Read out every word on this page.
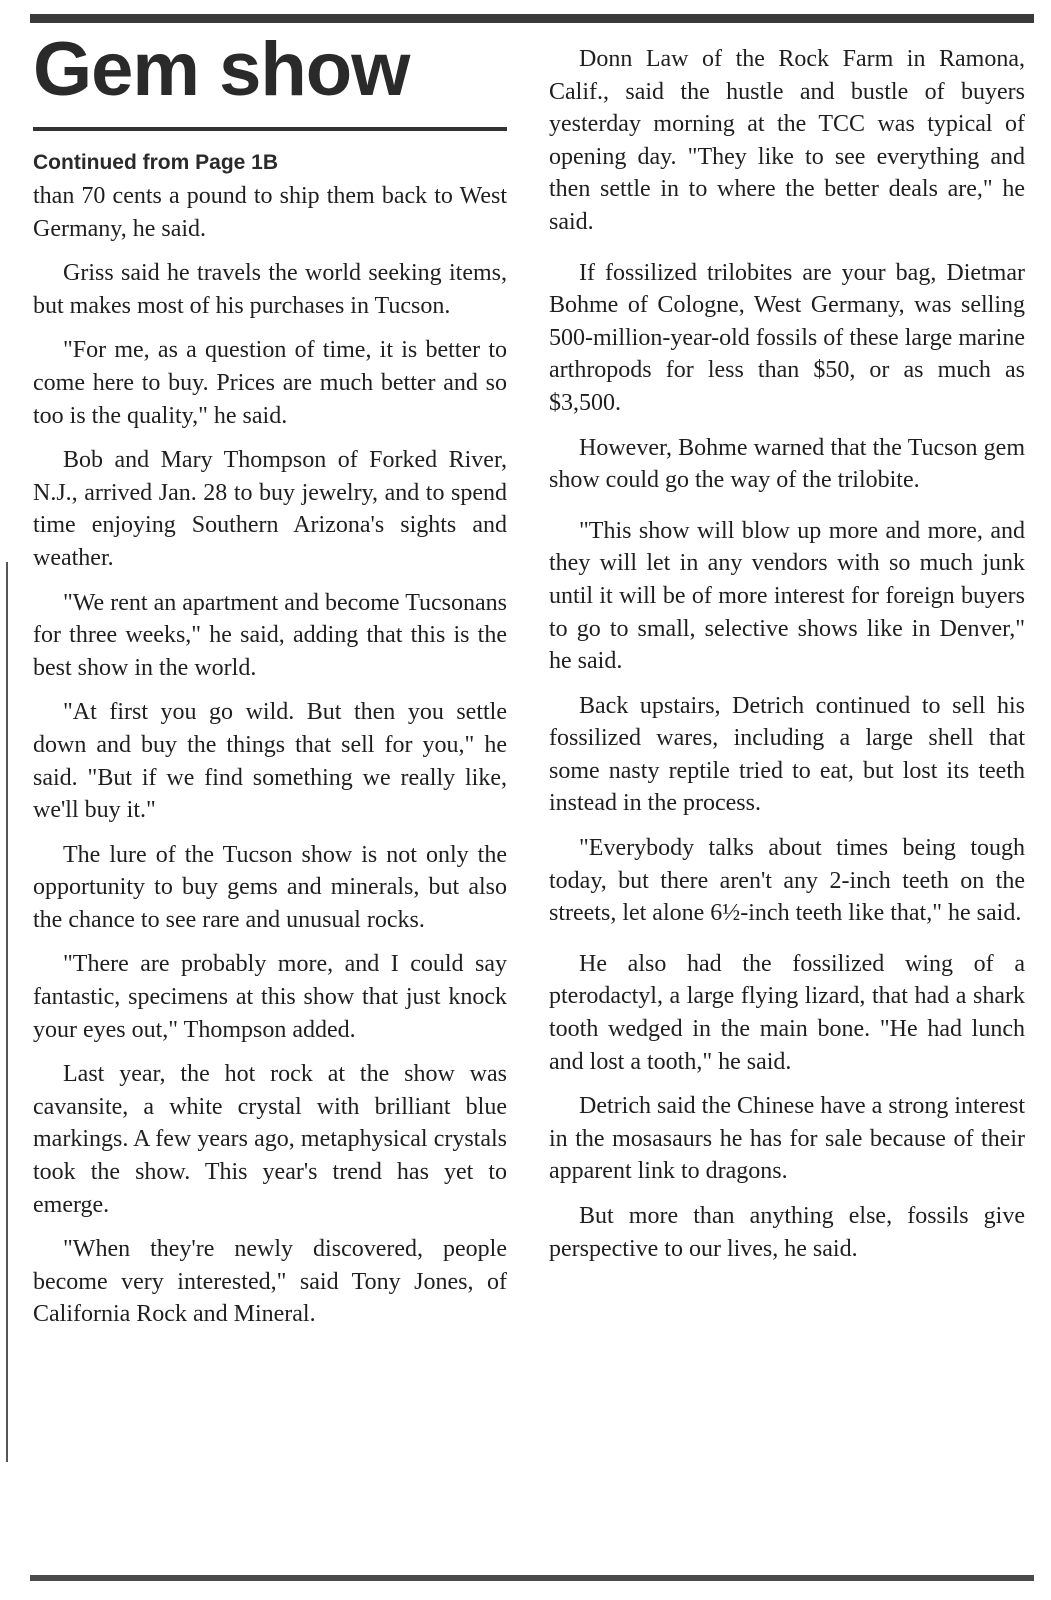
Gem show
Continued from Page 1B

than 70 cents a pound to ship them back to West Germany, he said.

Griss said he travels the world seeking items, but makes most of his purchases in Tucson.

"For me, as a question of time, it is better to come here to buy. Prices are much better and so too is the quality," he said.

Bob and Mary Thompson of Forked River, N.J., arrived Jan. 28 to buy jewelry, and to spend time enjoying Southern Arizona's sights and weather.

"We rent an apartment and become Tucsonans for three weeks," he said, adding that this is the best show in the world.

"At first you go wild. But then you settle down and buy the things that sell for you," he said. "But if we find something we really like, we'll buy it."

The lure of the Tucson show is not only the opportunity to buy gems and minerals, but also the chance to see rare and unusual rocks.

"There are probably more, and I could say fantastic, specimens at this show that just knock your eyes out," Thompson added.

Last year, the hot rock at the show was cavansite, a white crystal with brilliant blue markings. A few years ago, metaphysical crystals took the show. This year's trend has yet to emerge.

"When they're newly discovered, people become very interested," said Tony Jones, of California Rock and Mineral.

Donn Law of the Rock Farm in Ramona, Calif., said the hustle and bustle of buyers yesterday morning at the TCC was typical of opening day. "They like to see everything and then settle in to where the better deals are," he said.

If fossilized trilobites are your bag, Dietmar Bohme of Cologne, West Germany, was selling 500-million-year-old fossils of these large marine arthropods for less than $50, or as much as $3,500.

However, Bohme warned that the Tucson gem show could go the way of the trilobite.

"This show will blow up more and more, and they will let in any vendors with so much junk until it will be of more interest for foreign buyers to go to small, selective shows like in Denver," he said.

Back upstairs, Detrich continued to sell his fossilized wares, including a large shell that some nasty reptile tried to eat, but lost its teeth instead in the process.

"Everybody talks about times being tough today, but there aren't any 2-inch teeth on the streets, let alone 6½-inch teeth like that," he said.

He also had the fossilized wing of a pterodactyl, a large flying lizard, that had a shark tooth wedged in the main bone. "He had lunch and lost a tooth," he said.

Detrich said the Chinese have a strong interest in the mosasaurs he has for sale because of their apparent link to dragons.

But more than anything else, fossils give perspective to our lives, he said.
